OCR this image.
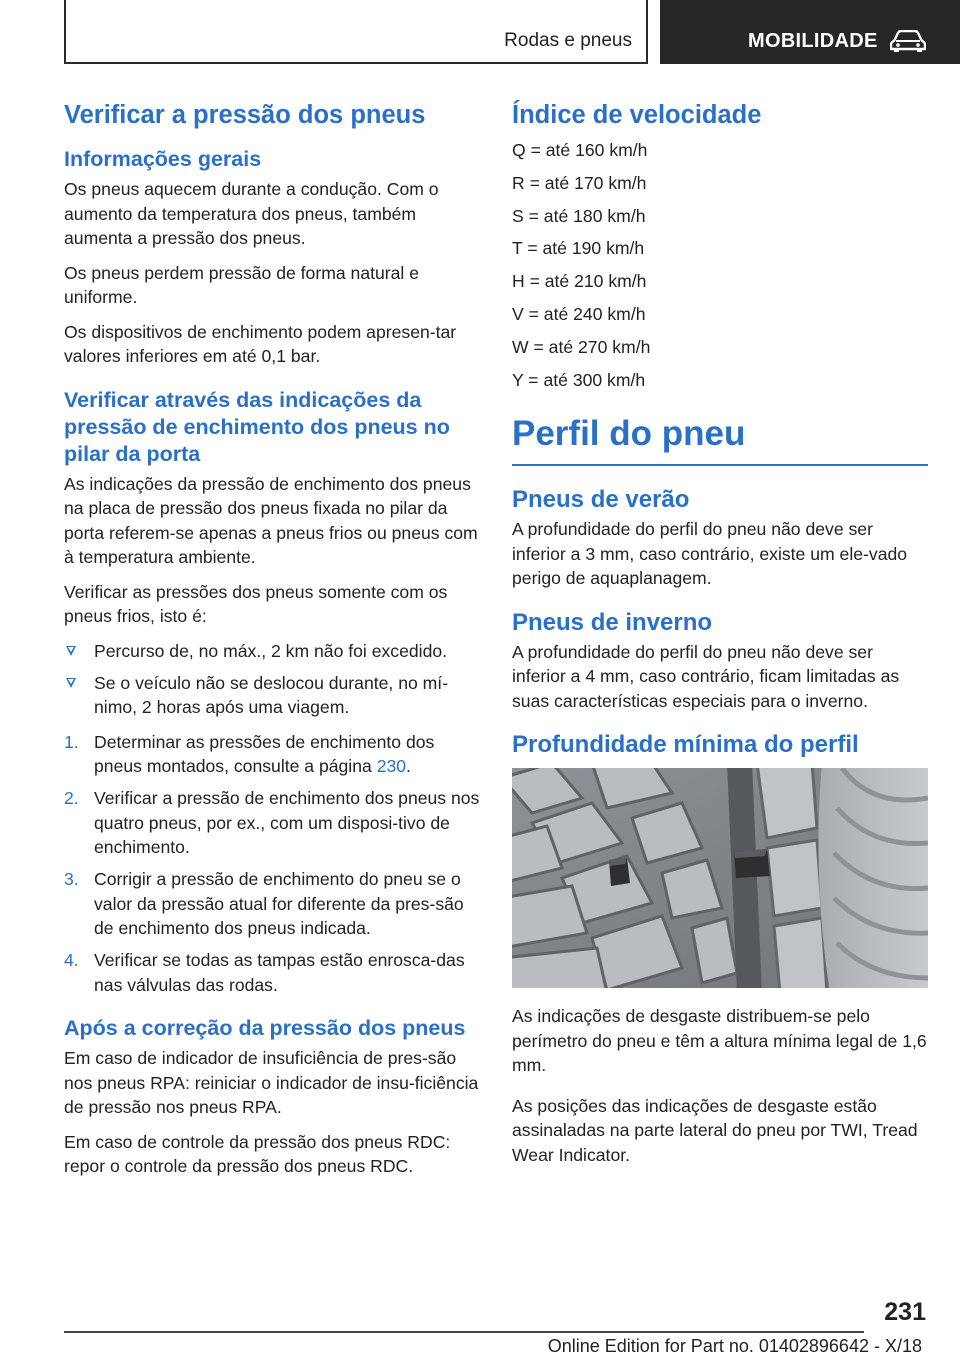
Rodas e pneus	MOBILIDADE
Verificar a pressão dos pneus
Informações gerais

Os pneus aquecem durante a condução. Com o aumento da temperatura dos pneus, também aumenta a pressão dos pneus.

Os pneus perdem pressão de forma natural e uniforme.

Os dispositivos de enchimento podem apresen-tar valores inferiores em até 0,1 bar.

Verificar através das indicações da pressão de enchimento dos pneus no pilar da porta

As indicações da pressão de enchimento dos pneus na placa de pressão dos pneus fixada no pilar da porta referem-se apenas a pneus frios ou pneus com à temperatura ambiente.

Verificar as pressões dos pneus somente com os pneus frios, isto é:

Percurso de, no máx., 2 km não foi excedido.
Se o veículo não se deslocou durante, no mí-nimo, 2 horas após uma viagem.
1. Determinar as pressões de enchimento dos pneus montados, consulte a página 230.
2. Verificar a pressão de enchimento dos pneus nos quatro pneus, por ex., com um disposi-tivo de enchimento.
3. Corrigir a pressão de enchimento do pneu se o valor da pressão atual for diferente da pres-são de enchimento dos pneus indicada.
4. Verificar se todas as tampas estão enrosca-das nas válvulas das rodas.
Após a correção da pressão dos pneus

Em caso de indicador de insuficiência de pres-são nos pneus RPA: reiniciar o indicador de insu-ficiência de pressão nos pneus RPA.

Em caso de controle da pressão dos pneus RDC: repor o controle da pressão dos pneus RDC.

Índice de velocidade

Q = até 160 km/h

R = até 170 km/h

S = até 180 km/h

T = até 190 km/h

H = até 210 km/h

V = até 240 km/h

W = até 270 km/h

Y = até 300 km/h

Perfil do pneu
Pneus de verão

A profundidade do perfil do pneu não deve ser inferior a 3 mm, caso contrário, existe um ele-vado perigo de aquaplanagem.

Pneus de inverno

A profundidade do perfil do pneu não deve ser inferior a 4 mm, caso contrário, ficam limitadas as suas características especiais para o inverno.

Profundidade mínima do perfil

As indicações de desgaste distribuem-se pelo perímetro do pneu e têm a altura mínima legal de 1,6 mm.

As posições das indicações de desgaste estão assinaladas na parte lateral do pneu por TWI, Tread Wear Indicator.

231
Online Edition for Part no. 01402896642 - X/18
